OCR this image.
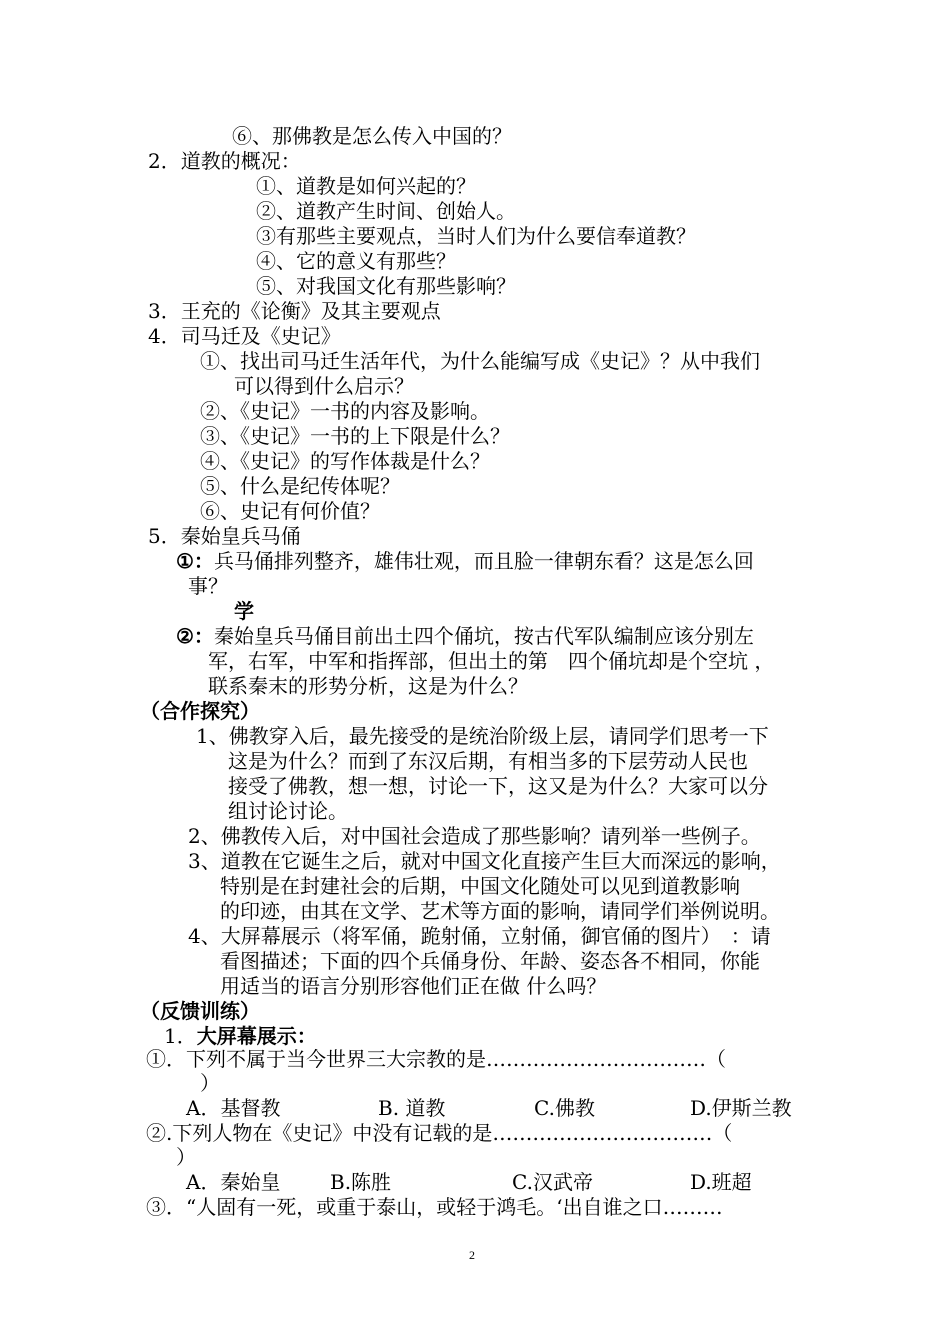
⑥、那佛教是怎么传入中国的？
2．道教的概况：
①、道教是如何兴起的？
②、道教产生时间、创始人。
③有那些主要观点，当时人们为什么要信奉道教？
④、它的意义有那些？
⑤、对我国文化有那些影响？
3．王充的《论衡》及其主要观点
4．司马迁及《史记》
①、找出司马迁生活年代，为什么能编写成《史记》？从中我们
可以得到什么启示？
②、《史记》一书的内容及影响。
③、《史记》一书的上下限是什么？
④、《史记》的写作体裁是什么？
⑤、什么是纪传体呢？
⑥、史记有何价值？
5．秦始皇兵马俑
①：兵马俑排列整齐，雄伟壮观，而且脸一律朝东看？这是怎么回
事？
学
②：秦始皇兵马俑目前出土四个俑坑，按古代军队编制应该分别左
军，右军，中军和指挥部，但出土的第　四个俑坑却是个空坑 ，
联系秦末的形势分析，这是为什么？
（合作探究）
1、佛教穿入后，最先接受的是统治阶级上层，请同学们思考一下
这是为什么？而到了东汉后期，有相当多的下层劳动人民也
接受了佛教，想一想，讨论一下，这又是为什么？大家可以分
组讨论讨论。
2、佛教传入后，对中国社会造成了那些影响？请列举一些例子。
3、道教在它诞生之后，就对中国文化直接产生巨大而深远的影响，
特别是在封建社会的后期，中国文化随处可以见到道教影响
的印迹，由其在文学、艺术等方面的影响，请同学们举例说明。
4、大屏幕展示（将军俑，跪射俑，立射俑，御官俑的图片）　：请
看图描述；下面的四个兵俑身份、年龄、姿态各不相同，你能
用适当的语言分别形容他们正在做 什么吗？
（反馈训练）
1．大屏幕展示：
①．下列不属于当今世界三大宗教的是……………………………（
）
A．基督教	B. 道教	C.佛教	D.伊斯兰教
②.下列人物在《史记》中没有记载的是……………………………（
）
A．秦始皇 B.陈胜	C.汉武帝	D.班超
③．“人固有一死，或重于泰山，或轻于鸿毛。‘出自谁之口………
2
